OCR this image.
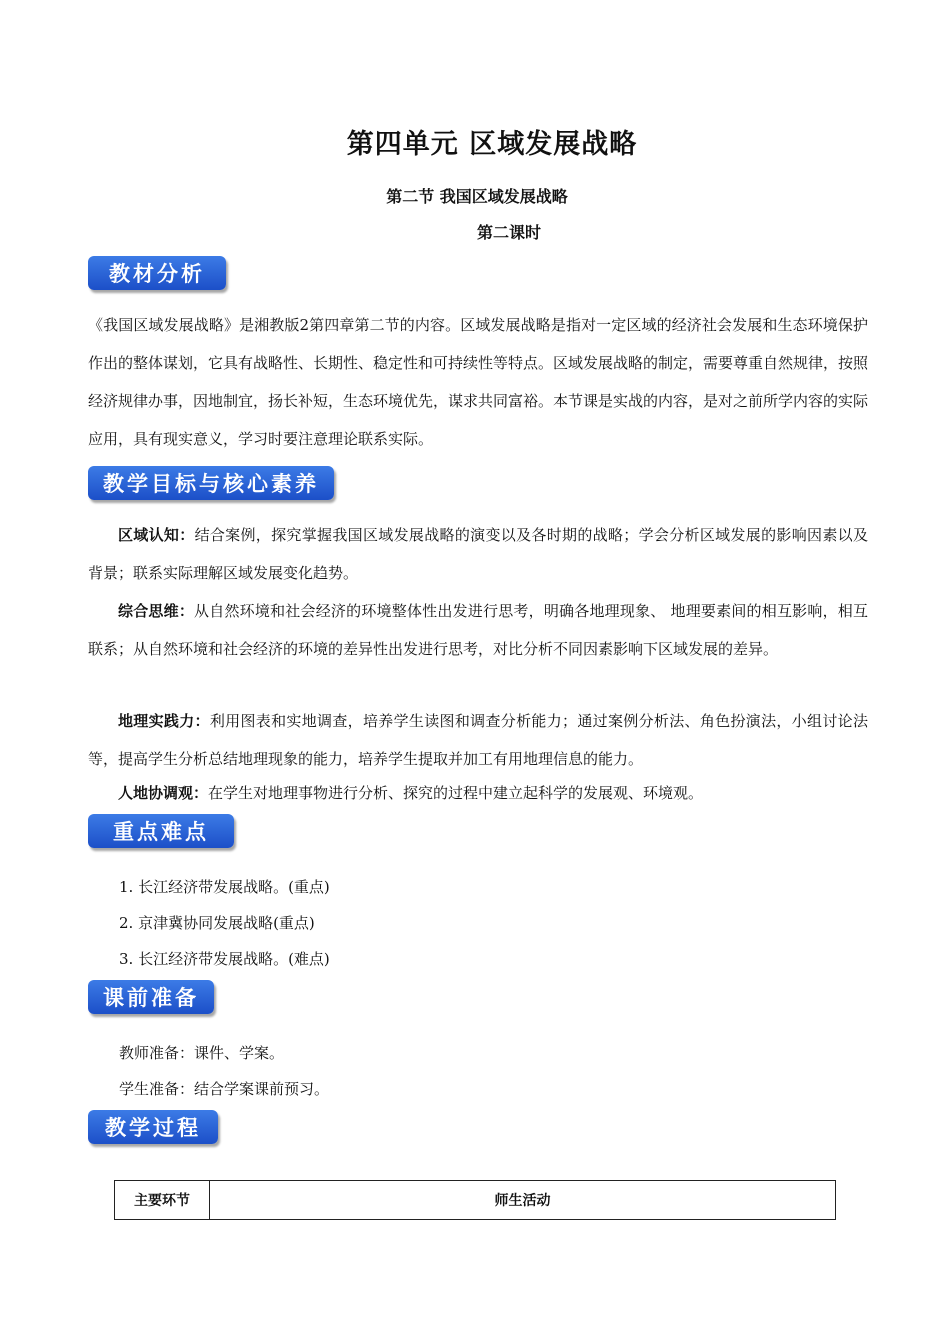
第四单元 区域发展战略
第二节 我国区域发展战略
第二课时
教材分析
《我国区域发展战略》是湘教版2第四章第二节的内容。区域发展战略是指对一定区域的经济社会发展和生态环境保护作出的整体谋划，它具有战略性、长期性、稳定性和可持续性等特点。区域发展战略的制定，需要尊重自然规律，按照经济规律办事，因地制宜，扬长补短，生态环境优先，谋求共同富裕。本节课是实战的内容，是对之前所学内容的实际应用，具有现实意义，学习时要注意理论联系实际。
教学目标与核心素养
区域认知：结合案例，探究掌握我国区域发展战略的演变以及各时期的战略；学会分析区域发展的影响因素以及背景；联系实际理解区域发展变化趋势。
综合思维：从自然环境和社会经济的环境整体性出发进行思考，明确各地理现象、 地理要素间的相互影响，相互联系；从自然环境和社会经济的环境的差异性出发进行思考，对比分析不同因素影响下区域发展的差异。
地理实践力：利用图表和实地调查，培养学生读图和调查分析能力；通过案例分析法、角色扮演法，小组讨论法等，提高学生分析总结地理现象的能力，培养学生提取并加工有用地理信息的能力。
人地协调观：在学生对地理事物进行分析、探究的过程中建立起科学的发展观、环境观。
重点难点
1. 长江经济带发展战略。(重点)
2. 京津冀协同发展战略(重点)
3. 长江经济带发展战略。(难点)
课前准备
教师准备：课件、学案。
学生准备：结合学案课前预习。
教学过程
主要环节	师生活动
